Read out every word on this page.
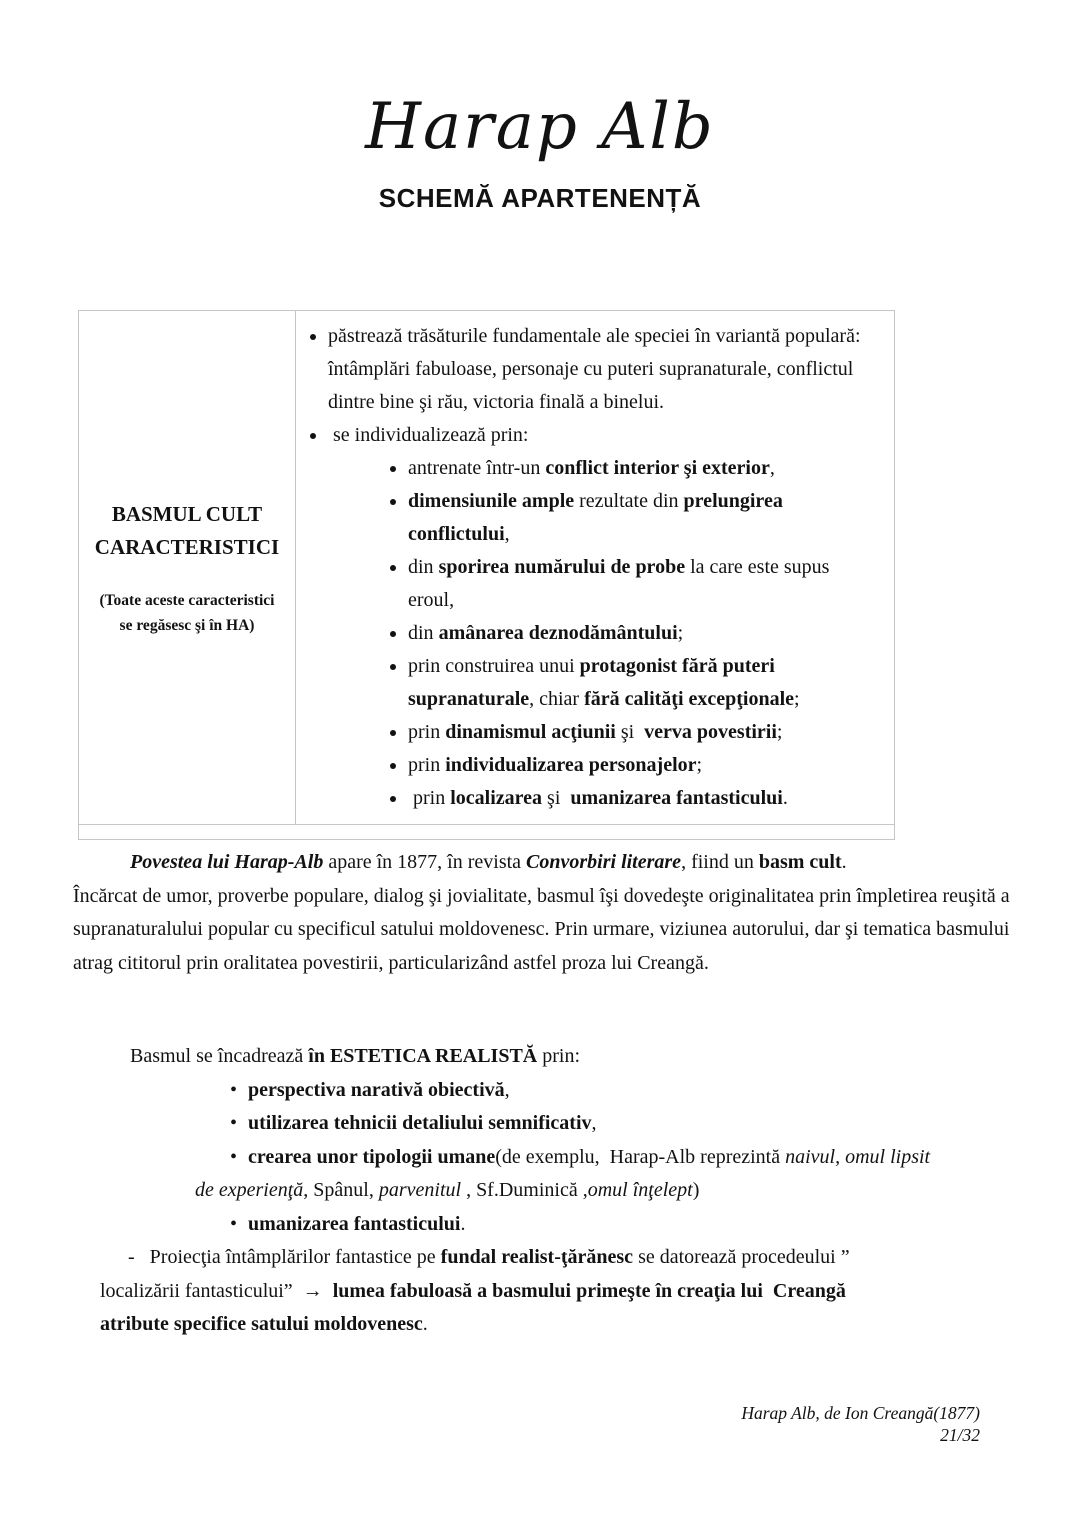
Harap Alb
SCHEMĂ APARTENENȚĂ
BASMUL CULT
CARACTERISTICI
(Toate aceste caracteristici
se regăsesc şi în HA)

• păstrează trăsăturile fundamentale ale speciei în variantă populară: întâmplări fabuloase, personaje cu puteri supranaturale, conflictul dintre bine şi rău, victoria finală a binelui.
•  se individualizează prin:
• antrenate într-un conflict interior şi exterior,
• dimensiunile ample rezultate din prelungirea conflictului,
• din sporirea numărului de probe la care este supus eroul,
• din amânarea deznodământului;
• prin construirea unui protagonist fără puteri supranaturale, chiar fără calităţi excepţionale;
• prin dinamismul acţiunii şi  verva povestirii;
• prin individualizarea personajelor;
•  prin localizarea şi  umanizarea fantasticului.

Povestea lui Harap-Alb apare în 1877, în revista Convorbiri literare, fiind un basm cult.
Încărcat de umor, proverbe populare, dialog şi jovialitate, basmul îşi dovedeşte originalitatea prin împletirea reuşită a supranaturalului popular cu specificul satului moldovenesc. Prin urmare, viziunea autorului, dar şi tematica basmului atrag cititorul prin oralitatea povestirii, particularizând astfel proza lui Creangă.
Basmul se încadrează în ESTETICA REALISTĂ prin:
• perspectiva narativă obiectivă,
• utilizarea tehnicii detaliului semnificativ,
• crearea unor tipologii umane(de exemplu,  Harap-Alb reprezintă naivul, omul lipsit de experienţă, Spânul, parvenitul , Sf.Duminică ,omul înţelept)
• umanizarea fantasticului.
-   Proiecţia întâmplărilor fantastice pe fundal realist-ţărănesc se datorează procedeului ”
localizării fantasticului”  →  lumea fabuloasă a basmului primeşte în creaţia lui  Creangă
atribute specifice satului moldovenesc.
Harap Alb, de Ion Creangă(1877)
21/32
